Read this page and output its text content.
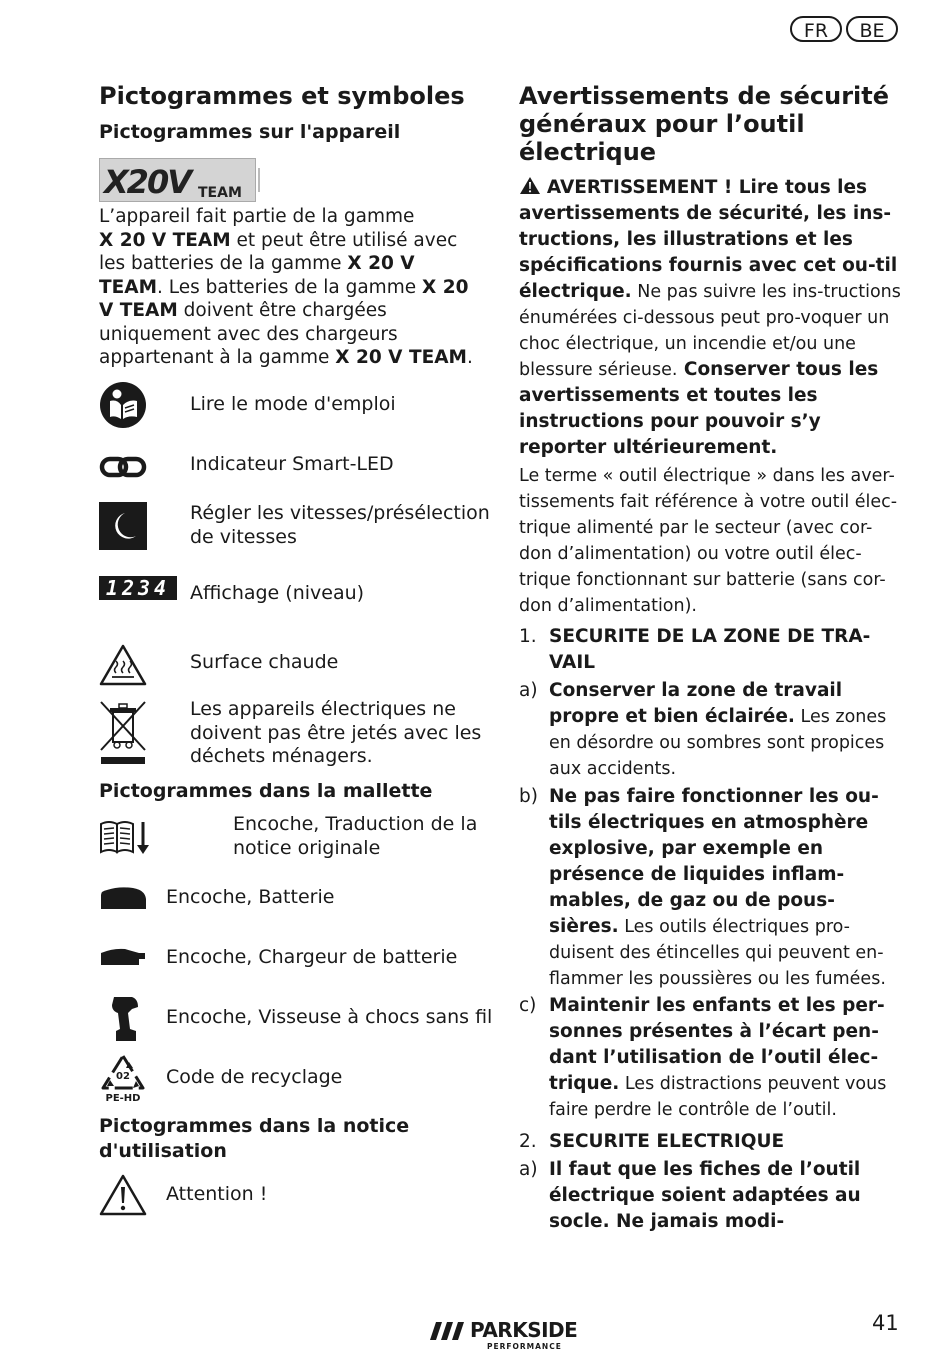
FR	BE
Pictogrammes et symboles
Pictogrammes sur l'appareil
X20V TEAM
L’appareil fait partie de la gamme
X 20 V TEAM et peut être utilisé avec les batteries de la gamme X 20 V TEAM. Les batteries de la gamme X 20 V TEAM doivent être chargées uniquement avec des chargeurs appartenant à la gamme X 20 V TEAM.
Lire le mode d'emploi
Indicateur Smart-LED
Régler les vitesses/présélection
de vitesses
1234	Affichage (niveau)
Surface chaude
Les appareils électriques ne
doivent pas être jetés avec les
déchets ménagers.
Pictogrammes dans la mallette
Encoche, Traduction de la
notice originale
Encoche, Batterie
Encoche, Chargeur de batterie
Encoche, Visseuse à chocs sans fil
02
PE-HD
Code de recyclage
Pictogrammes dans la notice
d'utilisation
Attention !
Avertissements de sécurité
généraux pour l’outil
électrique
AVERTISSEMENT ! Lire tous les avertissements de sécurité, les ins-tructions, les illustrations et les spécifications fournis avec cet ou-til électrique. Ne pas suivre les ins-tructions énumérées ci-dessous peut pro-voquer un choc électrique, un incendie et/ou une blessure sérieuse. Conserver tous les avertissements et toutes les instructions pour pouvoir s’y reporter ultérieurement.
Le terme « outil électrique » dans les aver-tissements fait référence à votre outil élec-trique alimenté par le secteur (avec cor-don d’alimentation) ou votre outil élec-trique fonctionnant sur batterie (sans cor-don d’alimentation).
1. SECURITE DE LA ZONE DE TRA-VAIL
a) Conserver la zone de travail propre et bien éclairée. Les zones en désordre ou sombres sont propices aux accidents.
b) Ne pas faire fonctionner les ou-tils électriques en atmosphère explosive, par exemple en présence de liquides inflam-mables, de gaz ou de pous-sières. Les outils électriques pro-duisent des étincelles qui peuvent en-flammer les poussières ou les fumées.
c) Maintenir les enfants et les per-sonnes présentes à l’écart pen-dant l’utilisation de l’outil élec-trique. Les distractions peuvent vous faire perdre le contrôle de l’outil.
2. SECURITE ELECTRIQUE
a) Il faut que les fiches de l’outil électrique soient adaptées au socle. Ne jamais modi-
PARKSIDE
PERFORMANCE
41
